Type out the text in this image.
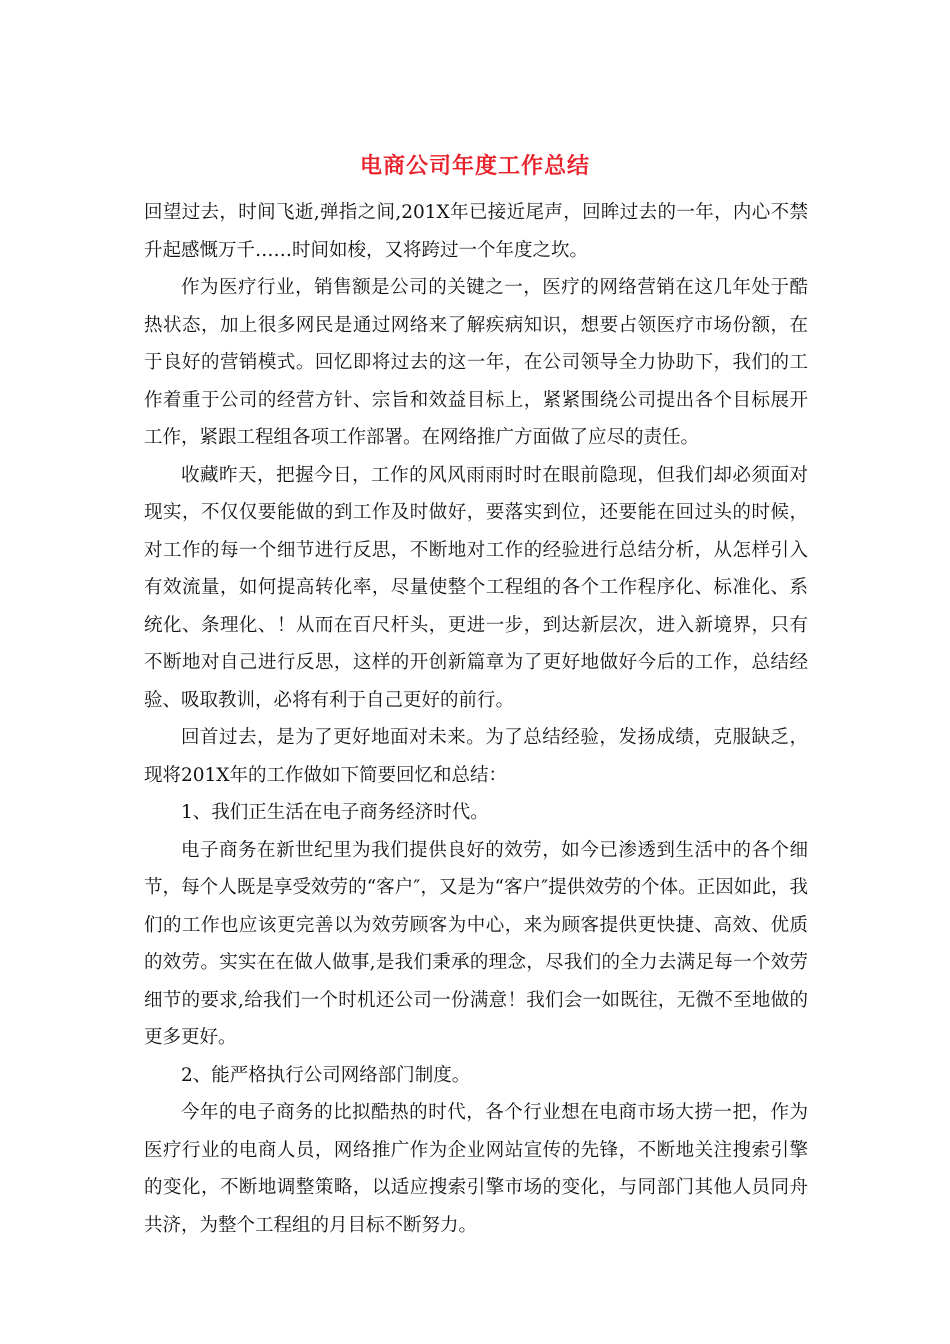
电商公司年度工作总结

回望过去，时间飞逝,弹指之间,201X年已接近尾声，回眸过去的一年，内心不禁升起感慨万千……时间如梭，又将跨过一个年度之坎。

作为医疗行业，销售额是公司的关键之一，医疗的网络营销在这几年处于酷热状态，加上很多网民是通过网络来了解疾病知识，想要占领医疗市场份额，在于良好的营销模式。回忆即将过去的这一年，在公司领导全力协助下，我们的工作着重于公司的经营方针、宗旨和效益目标上，紧紧围绕公司提出各个目标展开工作，紧跟工程组各项工作部署。在网络推广方面做了应尽的责任。

收藏昨天，把握今日，工作的风风雨雨时时在眼前隐现，但我们却必须面对现实，不仅仅要能做的到工作及时做好，要落实到位，还要能在回过头的时候，对工作的每一个细节进行反思，不断地对工作的经验进行总结分析，从怎样引入有效流量，如何提高转化率，尽量使整个工程组的各个工作程序化、标准化、系统化、条理化、！从而在百尺杆头，更进一步，到达新层次，进入新境界，只有不断地对自己进行反思，这样的开创新篇章为了更好地做好今后的工作，总结经验、吸取教训，必将有利于自己更好的前行。

回首过去，是为了更好地面对未来。为了总结经验，发扬成绩，克服缺乏，现将201X年的工作做如下简要回忆和总结：

1、我们正生活在电子商务经济时代。

电子商务在新世纪里为我们提供良好的效劳，如今已渗透到生活中的各个细节，每个人既是享受效劳的“客户″，又是为“客户″提供效劳的个体。正因如此，我们的工作也应该更完善以为效劳顾客为中心，来为顾客提供更快捷、高效、优质的效劳。实实在在做人做事,是我们秉承的理念，尽我们的全力去满足每一个效劳细节的要求,给我们一个时机还公司一份满意！我们会一如既往，无微不至地做的更多更好。

2、能严格执行公司网络部门制度。

今年的电子商务的比拟酷热的时代，各个行业想在电商市场大捞一把，作为医疗行业的电商人员，网络推广作为企业网站宣传的先锋，不断地关注搜索引擎的变化，不断地调整策略，以适应搜索引擎市场的变化，与同部门其他人员同舟共济，为整个工程组的月目标不断努力。
